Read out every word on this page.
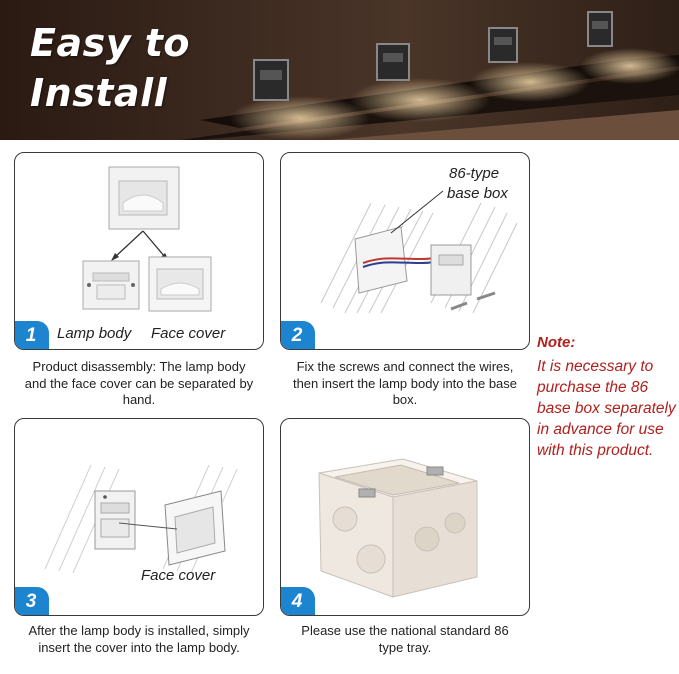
Easy to
Install
Lamp body Face cover
1
Product disassembly: The lamp body and the face cover can be separated by hand.
86-type
base box
2
Fix the screws and connect the wires, then insert the lamp body into the base box.
Face cover
3
After the lamp body is installed, simply insert the cover into the lamp body.
4
Please use the national standard 86 type tray.
Note:
It is necessary to purchase the 86 base box separately in advance for use with this product.
